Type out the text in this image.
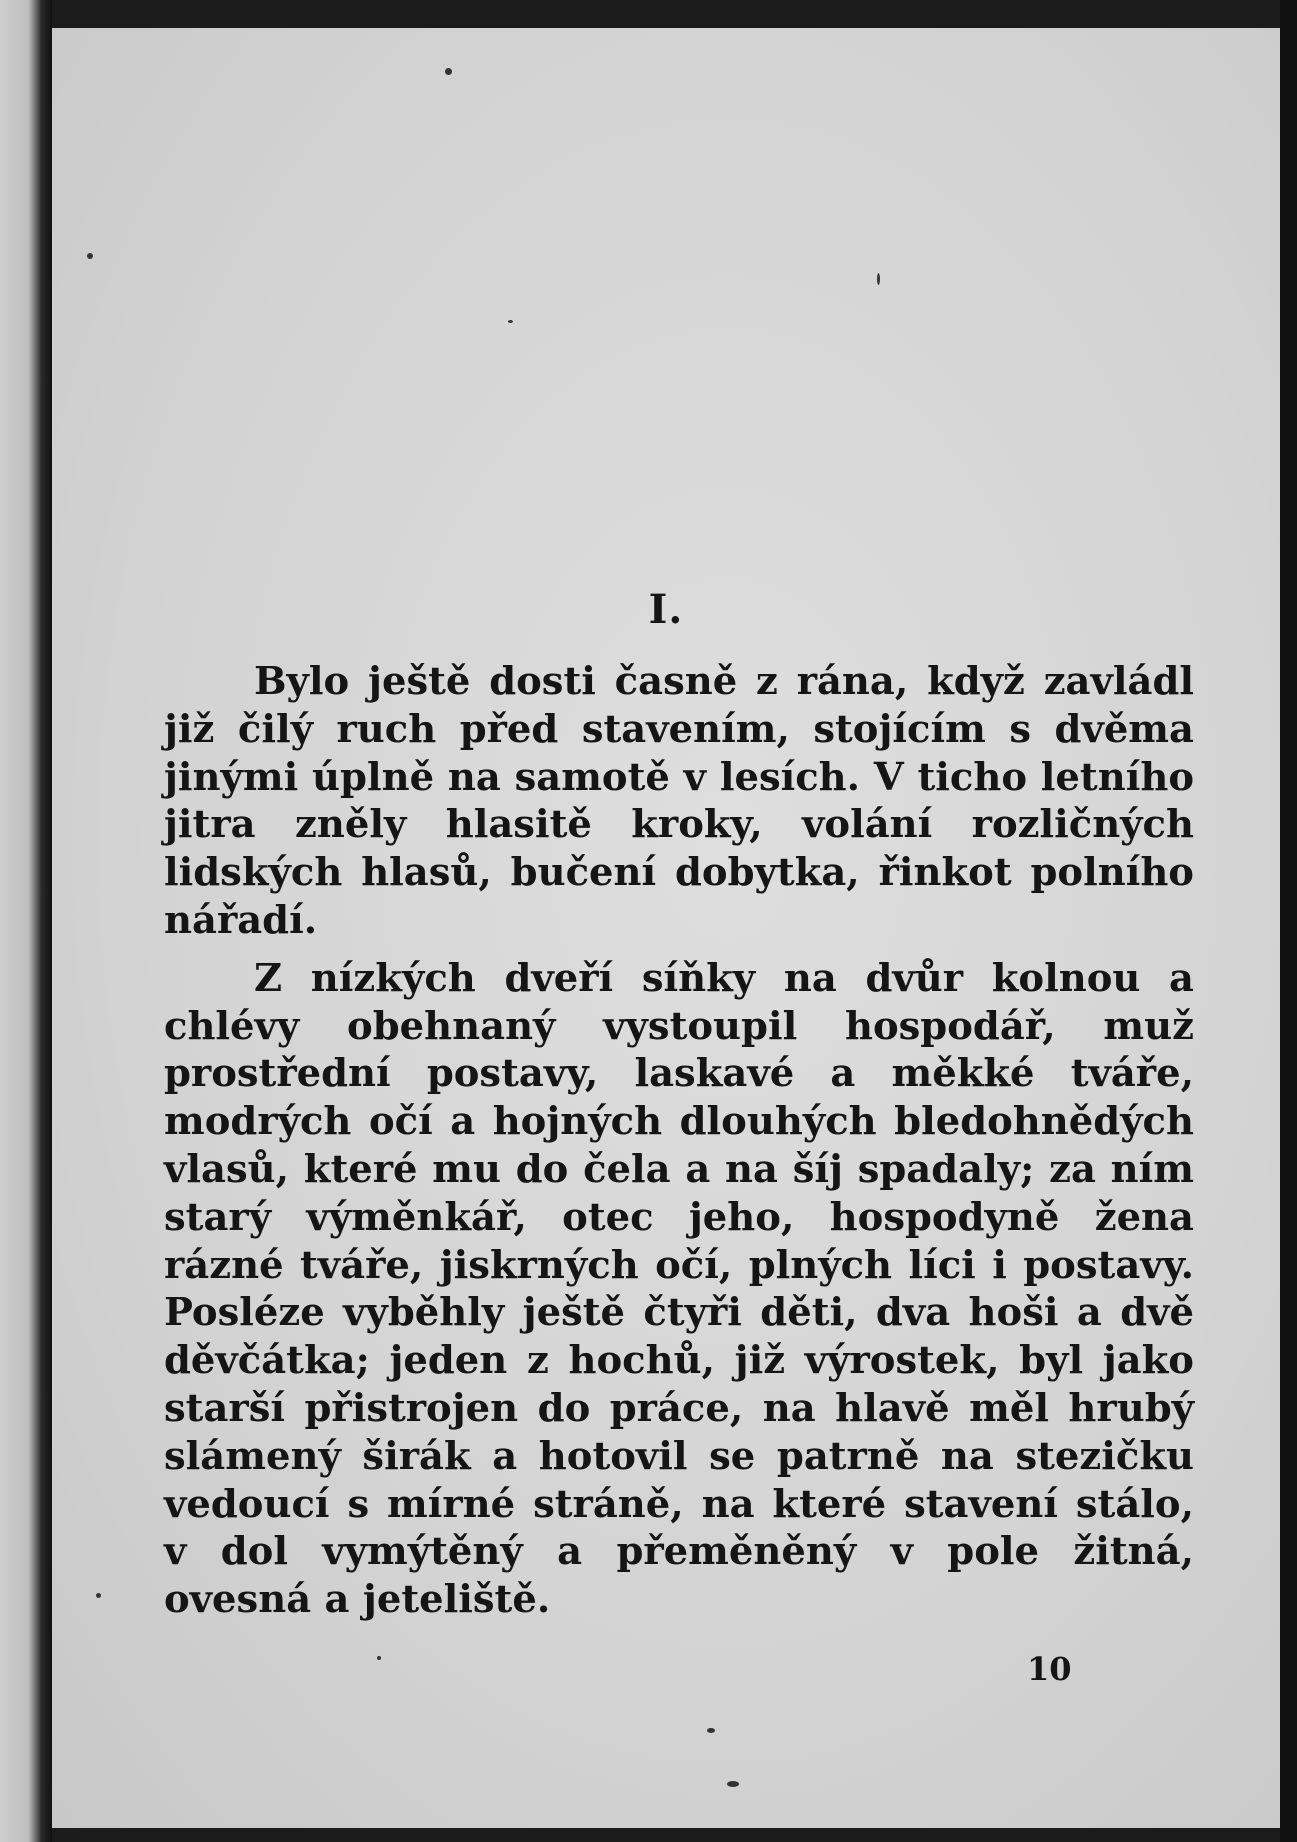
I.

Bylo ještě dosti časně z rána, když zavládl již čilý ruch před stavením, stojícím s dvěma jinými úplně na samotě v lesích. V ticho letního jitra zněly hlasitě kroky, volání rozličných lidských hlasů, bučení dobytka, řinkot polního nářadí.

Z nízkých dveří síňky na dvůr kolnou a chlévy obehnaný vystoupil hospodář, muž prostřední postavy, laskavé a měkké tváře, modrých očí a hojných dlouhých bledohnědých vlasů, které mu do čela a na šíj spadaly; za ním starý výměnkář, otec jeho, hospodyně žena rázné tváře, jiskrných očí, plných líci i postavy. Posléze vyběhly ještě čtyři děti, dva hoši a dvě děvčátka; jeden z hochů, již výrostek, byl jako starší přistrojen do práce, na hlavě měl hrubý slámený širák a hotovil se patrně na stezičku vedoucí s mírné stráně, na které stavení stálo, v dol vymýtěný a přeměněný v pole žitná, ovesná a jeteliště.

10
